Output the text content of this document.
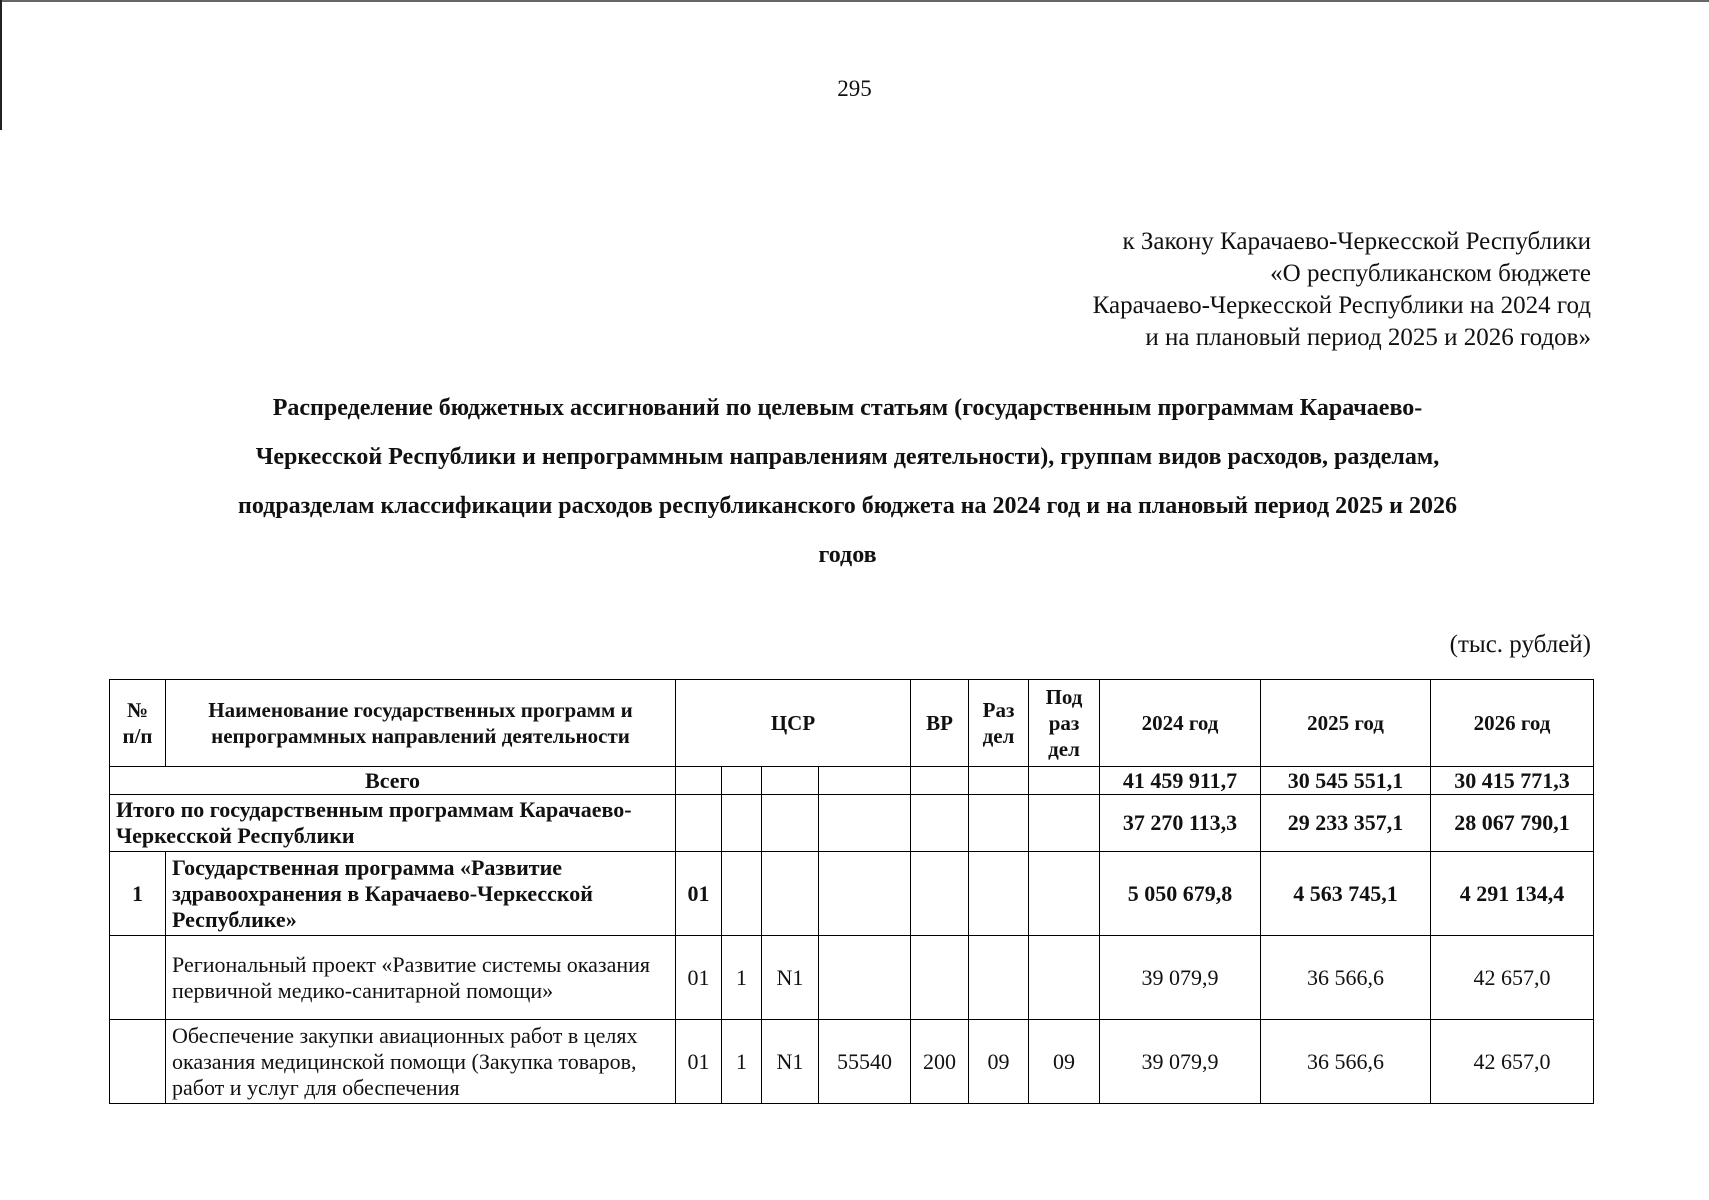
295
к Закону Карачаево-Черкесской Республики
«О республиканском бюджете
Карачаево-Черкесской Республики на 2024 год
и на плановый период 2025 и 2026 годов»
Распределение бюджетных ассигнований по целевым статьям (государственным программам Карачаево-
Черкесской Республики и непрограммным направлениям деятельности), группам видов расходов, разделам,
подразделам классификации расходов республиканского бюджета на 2024 год и на плановый период 2025 и 2026
годов
(тыс. рублей)
№ п/п	Наименование государственных программ и непрограммных направлений деятельности	ЦСР				ВР	Раз дел	Под раз дел	2024 год	2025 год	2026 год
Всего									41 459 911,7	30 545 551,1	30 415 771,3
Итого по государственным программам Карачаево-Черкесской Республики									37 270 113,3	29 233 357,1	28 067 790,1
1	Государственная программа «Развитие здравоохранения в Карачаево-Черкесской Республике»	01							5 050 679,8	4 563 745,1	4 291 134,4
	Региональный проект «Развитие системы оказания первичной медико-санитарной помощи»	01	1	N1					39 079,9	36 566,6	42 657,0
	Обеспечение закупки авиационных работ в целях оказания медицинской помощи (Закупка товаров, работ и услуг для обеспечения	01	1	N1	55540	200	09	09	39 079,9	36 566,6	42 657,0
